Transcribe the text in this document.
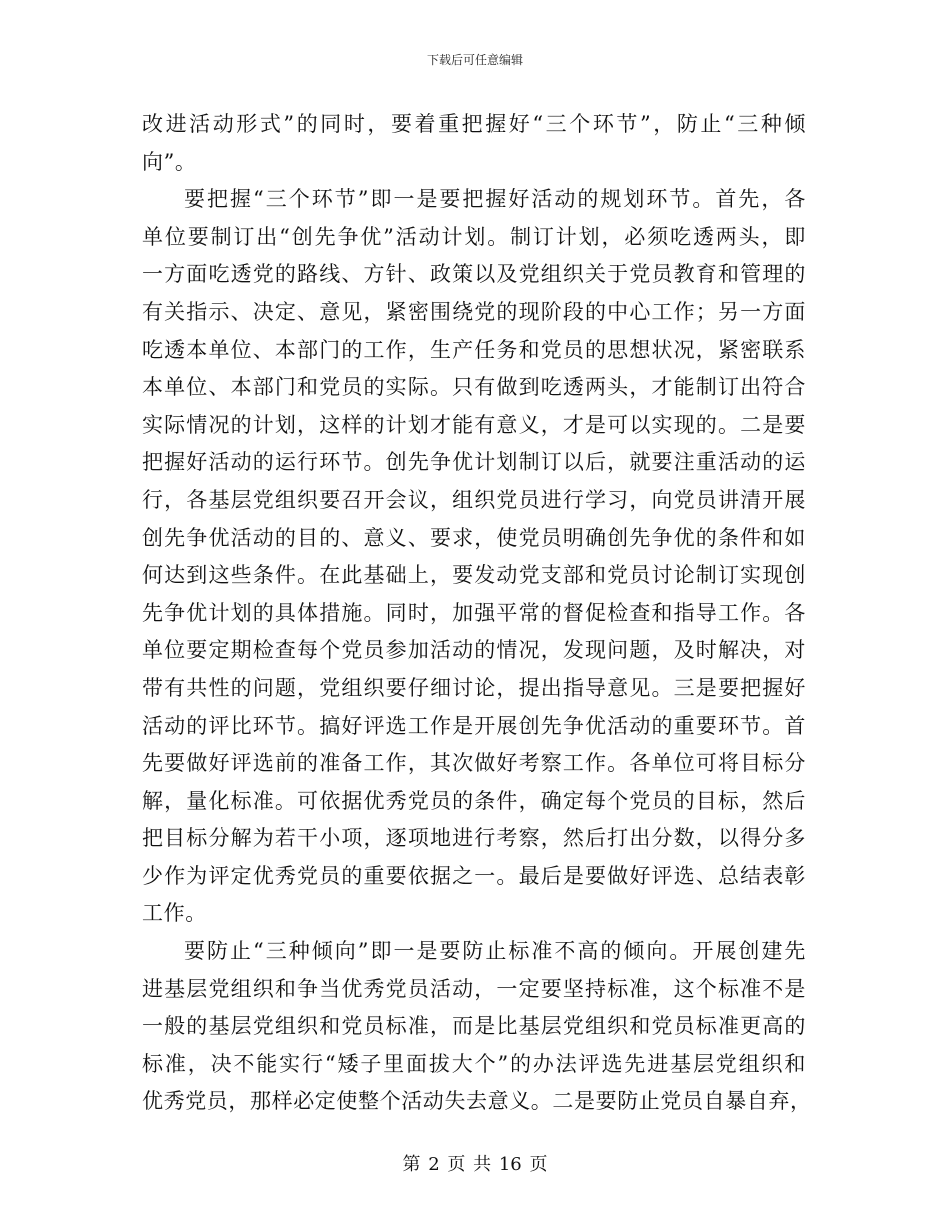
下载后可任意编辑
改进活动形式”的同时，要着重把握好“三个环节”，防止“三种倾
向”。
要把握“三个环节”即一是要把握好活动的规划环节。首先，各
单位要制订出“创先争优”活动计划。制订计划，必须吃透两头，即
一方面吃透党的路线、方针、政策以及党组织关于党员教育和管理的
有关指示、决定、意见，紧密围绕党的现阶段的中心工作；另一方面
吃透本单位、本部门的工作，生产任务和党员的思想状况，紧密联系
本单位、本部门和党员的实际。只有做到吃透两头，才能制订出符合
实际情况的计划，这样的计划才能有意义，才是可以实现的。二是要
把握好活动的运行环节。创先争优计划制订以后，就要注重活动的运
行，各基层党组织要召开会议，组织党员进行学习，向党员讲清开展
创先争优活动的目的、意义、要求，使党员明确创先争优的条件和如
何达到这些条件。在此基础上，要发动党支部和党员讨论制订实现创
先争优计划的具体措施。同时，加强平常的督促检查和指导工作。各
单位要定期检查每个党员参加活动的情况，发现问题，及时解决，对
带有共性的问题，党组织要仔细讨论，提出指导意见。三是要把握好
活动的评比环节。搞好评选工作是开展创先争优活动的重要环节。首
先要做好评选前的准备工作，其次做好考察工作。各单位可将目标分
解，量化标准。可依据优秀党员的条件，确定每个党员的目标，然后
把目标分解为若干小项，逐项地进行考察，然后打出分数，以得分多
少作为评定优秀党员的重要依据之一。最后是要做好评选、总结表彰
工作。
要防止“三种倾向”即一是要防止标准不高的倾向。开展创建先
进基层党组织和争当优秀党员活动，一定要坚持标准，这个标准不是
一般的基层党组织和党员标准，而是比基层党组织和党员标准更高的
标准，决不能实行“矮子里面拔大个”的办法评选先进基层党组织和
优秀党员，那样必定使整个活动失去意义。二是要防止党员自暴自弃，
第 2 页 共 16 页
